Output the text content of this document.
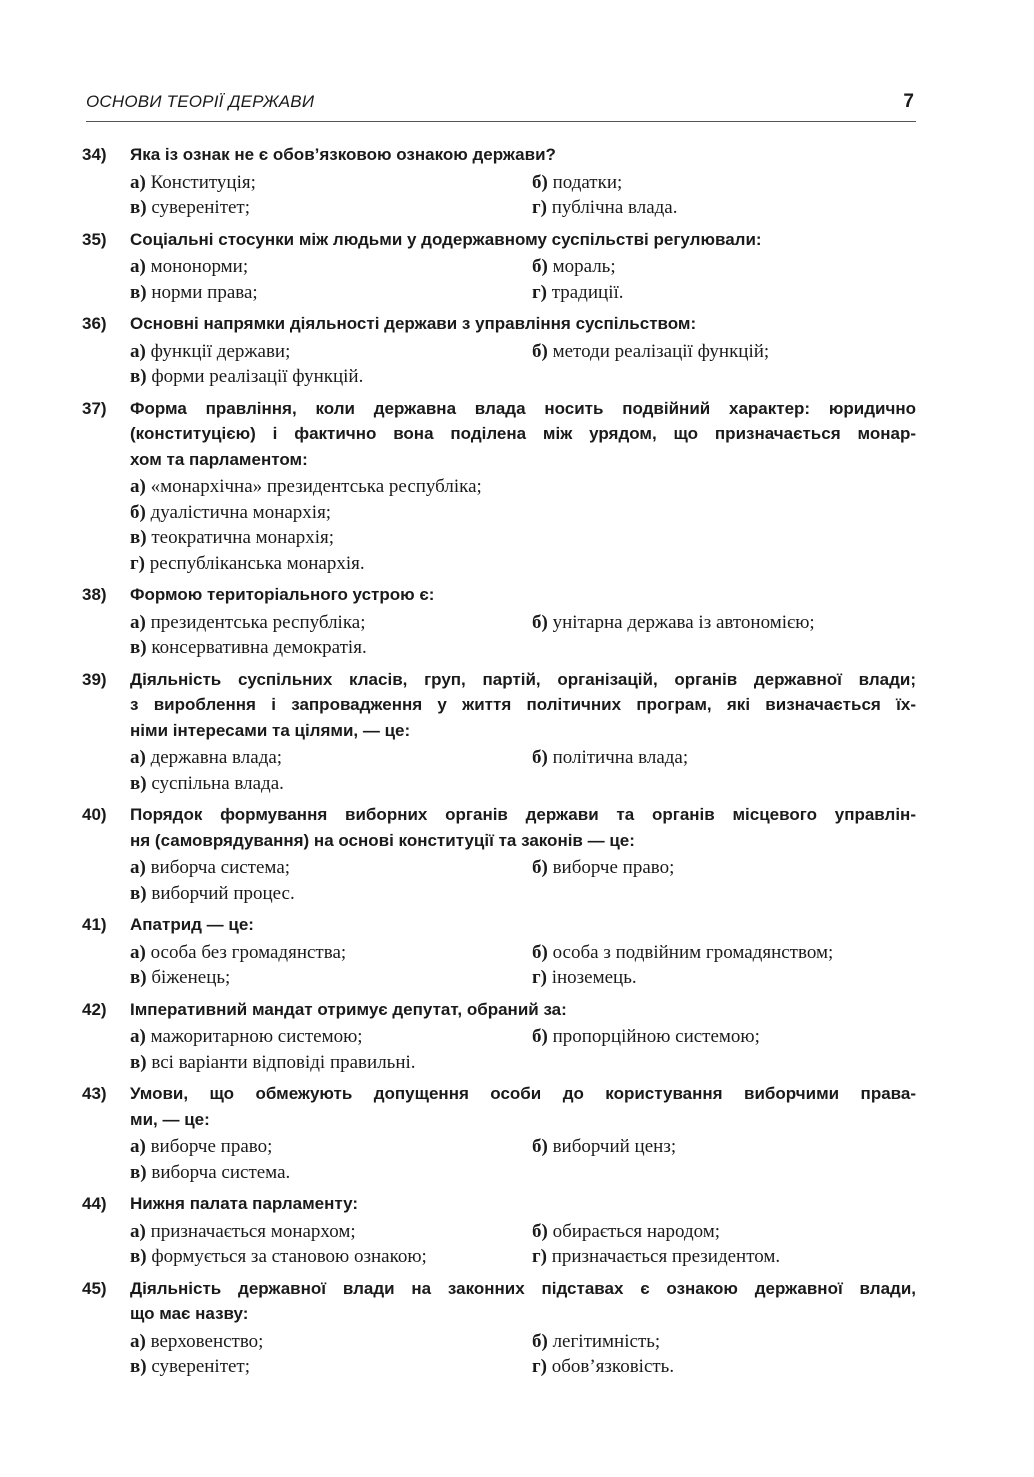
ОСНОВИ ТЕОРІЇ ДЕРЖАВИ	7
34)	Яка із ознак не є обов’язковою ознакою держави?
а) Конституція;	б) податки;
в) суверенітет;	г) публічна влада.
35)	Соціальні стосунки між людьми у додержавному суспільстві регулювали:
а) мононорми;	б) мораль;
в) норми права;	г) традиції.
36)	Основні напрямки діяльності держави з управління суспільством:
а) функції держави;	б) методи реалізації функцій;
в) форми реалізації функцій.
37)	Форма правління, коли державна влада носить подвійний характер: юридично
(конституцією) і фактично вона поділена між урядом, що призначається монар-
хом та парламентом:
а) «монархічна» президентська республіка;
б) дуалістична монархія;
в) теократична монархія;
г) республіканська монархія.
38)	Формою територіального устрою є:
а) президентська республіка;	б) унітарна держава із автономією;
в) консервативна демократія.
39)	Діяльність суспільних класів, груп, партій, організацій, органів державної влади;
з вироблення і запровадження у життя політичних програм, які визначається їх-
німи інтересами та цілями, — це:
а) державна влада;	б) політична влада;
в) суспільна влада.
40)	Порядок формування виборних органів держави та органів місцевого управлін-
ня (самоврядування) на основі конституції та законів — це:
а) виборча система;	б) виборче право;
в) виборчий процес.
41)	Апатрид — це:
а) особа без громадянства;	б) особа з подвійним громадянством;
в) біженець;	г) іноземець.
42)	Імперативний мандат отримує депутат, обраний за:
а) мажоритарною системою;	б) пропорційною системою;
в) всі варіанти відповіді правильні.
43)	Умови, що обмежують допущення особи до користування виборчими права-
ми, — це:
а) виборче право;	б) виборчий ценз;
в) виборча система.
44)	Нижня палата парламенту:
а) призначається монархом;	б) обирається народом;
в) формується за становою ознакою;	г) призначається президентом.
45)	Діяльність державної влади на законних підставах є ознакою державної влади,
що має назву:
а) верховенство;	б) легітимність;
в) суверенітет;	г) обов’язковість.
